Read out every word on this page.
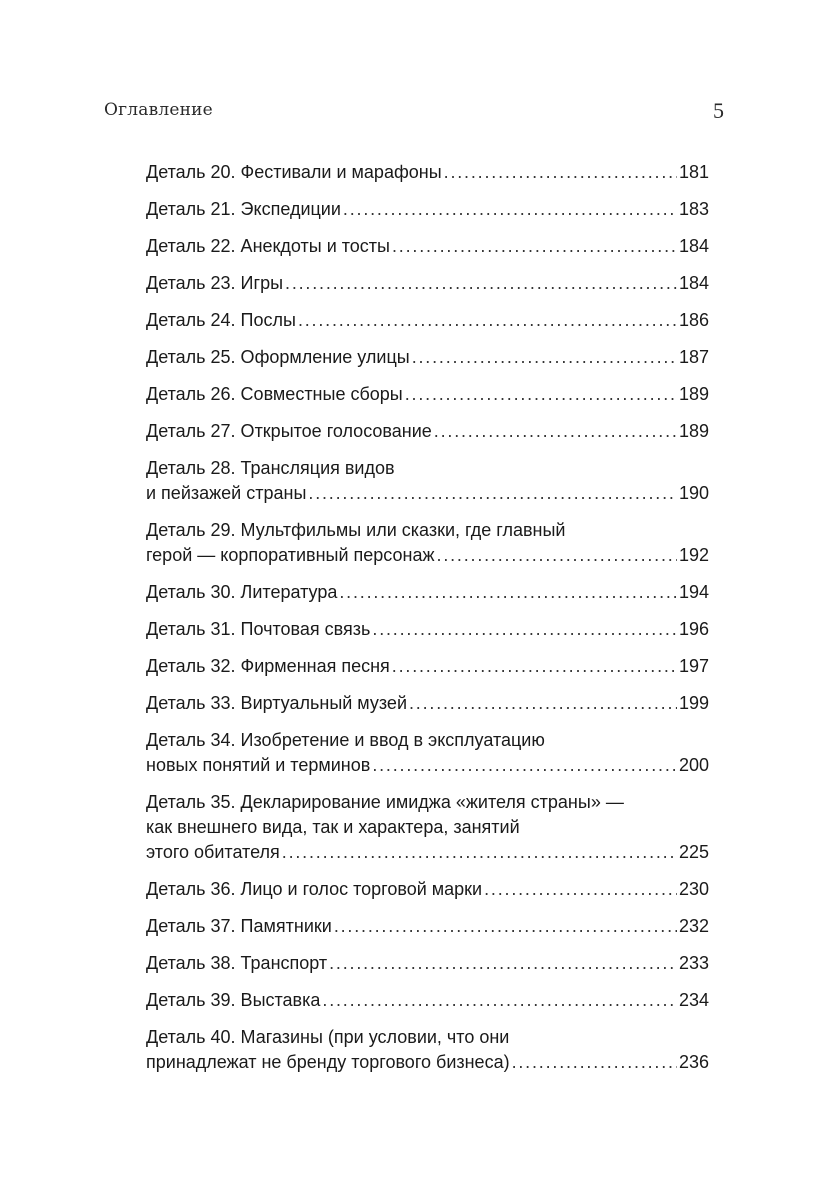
Оглавление	5
Деталь 20. Фестивали и марафоны . . .	181
Деталь 21. Экспедиции . . .	183
Деталь 22. Анекдоты и тосты . . .	184
Деталь 23. Игры . . .	184
Деталь 24. Послы . . .	186
Деталь 25. Оформление улицы . . .	187
Деталь 26. Совместные сборы . . .	189
Деталь 27. Открытое голосование . . .	189
Деталь 28. Трансляция видов
и пейзажей страны . . .	190
Деталь 29. Мультфильмы или сказки, где главный
герой — корпоративный персонаж . . .	192
Деталь 30. Литература . . .	194
Деталь 31. Почтовая связь . . .	196
Деталь 32. Фирменная песня . . .	197
Деталь 33. Виртуальный музей . . .	199
Деталь 34. Изобретение и ввод в эксплуатацию
новых понятий и терминов . . .	200
Деталь 35. Декларирование имиджа «жителя страны» —
как внешнего вида, так и характера, занятий
этого обитателя . . .	225
Деталь 36. Лицо и голос торговой марки . . .	230
Деталь 37. Памятники . . .	232
Деталь 38. Транспорт . . .	233
Деталь 39. Выставка . . .	234
Деталь 40. Магазины (при условии, что они
принадлежат не бренду торгового бизнеса) . . .	236
